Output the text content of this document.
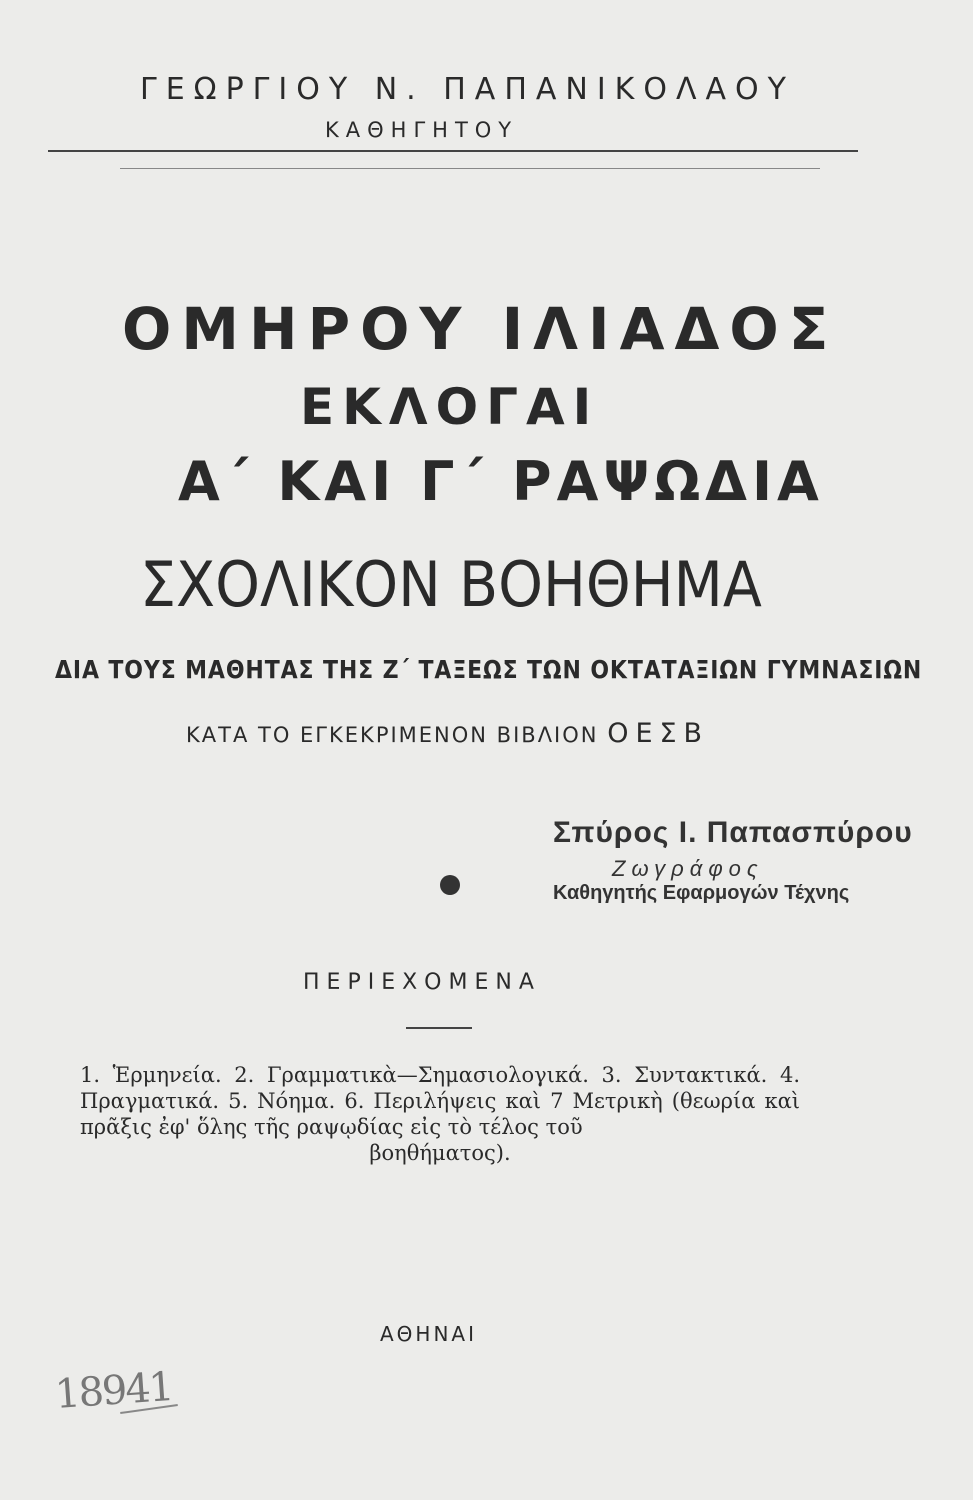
ΓΕΩΡΓΙΟΥ Ν. ΠΑΠΑΝΙΚΟΛΑΟΥ
ΚΑΘΗΓΗΤΟΥ
ΟΜΗΡΟΥ ΙΛΙΑΔΟΣ
ΕΚΛΟΓΑΙ
Α΄ ΚΑΙ Γ΄ ΡΑΨΩΔΙΑ
ΣΧΟΛΙΚΟΝ ΒΟΗΘΗΜΑ
ΔΙΑ ΤΟΥΣ ΜΑΘΗΤΑΣ ΤΗΣ Ζ΄ ΤΑΞΕΩΣ ΤΩΝ ΟΚΤΑΤΑΞΙΩΝ ΓΥΜΝΑΣΙΩΝ
ΚΑΤΑ ΤΟ ΕΓΚΕΚΡΙΜΕΝΟΝ ΒΙΒΛΙΟΝ ΟΕΣΒ
Σπύρος Ι. Παπασπύρου
Ζωγράφος
Καθηγητής Εφαρμογών Τέχνης
ΠΕΡΙΕΧΟΜΕΝΑ
1. Ἑρμηνεία. 2. Γραμματικὰ—Σημασιολογικά. 3. Συντακτικά. 4. Πραγματικά. 5. Νόημα. 6. Περιλήψεις καὶ 7 Μετρικὴ (θεωρία καὶ πρᾶξις ἐφ' ὅλης τῆς ραψῳδίας εἰς τὸ τέλος τοῦ
βοηθήματος).
ΑΘΗΝΑΙ
18941
